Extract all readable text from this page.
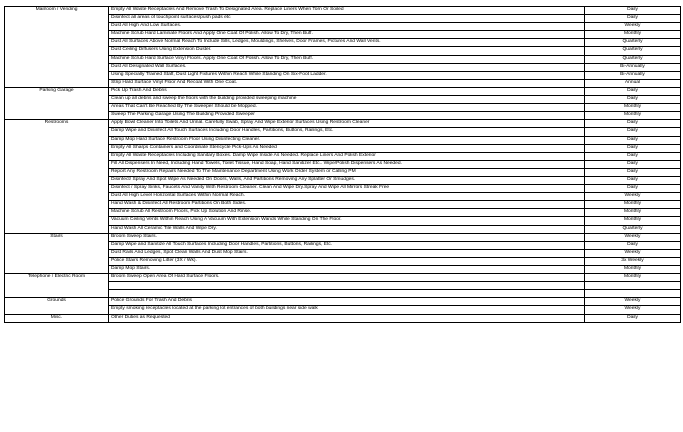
Mailroom / Vending	Empty All Waste Receptacles And Remove Trash To Designated Area. Replace Liners When Torn Or Soiled	Daily
	Disinfect all areas of touchpoint surfaces/push pads etc	Daily
	Dust All High And Low Surfaces.	Weekly
	Machine Scrub Hard Laminate Floors And Apply One Coat Of Polish. Allow To Dry, Then Buff.	Monthly
	Dust All Surfaces Above Normal Reach To Include Sills, Ledges, Mouldings, Shelves, Door Frames, Pictures And Wall Vents.	Quarterly
	Dust Ceiling Diffusers Using Extension Duster.	Quarterly
	Machine Scrub Hard Surface Vinyl Floors. Apply One Coat Of Polish. Allow To Dry, Then Buff.	Quarterly
	Dust All Designated Wall Surfaces.	Bi-Annually
	Using Specially Trained Staff, Dust Light Fixtures Within Reach While Standing On Six-Foot Ladder.	Bi-Annually
	Strip Hard Surface Vinyl Floor And Recoat With One Coat.	Annual
Parking Garage	Pick Up Trash And Debris	Daily
	Clean up all debris and sweep the floors with the building provided sweeping machine	Daily
	Areas That Can't Be Reached By The Sweeper Should be Mopped.	Monthly
	Sweep The Parking Garage Using The Building Provided Sweeper	Monthly
Restrooms	Apply Bowl Cleaner Into Toilets And Urinal. Carefully Swab, Spray And Wipe Exterior Surfaces Using Restroom Cleaner	Daily
	Damp Wipe and Disinfect All Touch Surfaces Including Door Handles, Partitions, Buttons, Railings, Etc.	Daily
	Damp Mop Hard Surface Restroom Floor Using Disinfecting Cleaner.	Daily
	Empty All Sharps Containers and Coordinate Stericycle Pick-Ups As Needed	Daily
	Empty All Waste Receptacles Including Sanitary Boxes. Damp Wipe Inside As Needed. Replace Liners And Polish Exterior	Daily
	Fill All Dispensers In Need, Including Hand Towels, Toilet Tissue, Hand Soap, Hand Sanitizer Etc.. Wipe/Polish Dispensers As Needed.	Daily
	Report Any Restroom Repairs Needed To The Maintenance Department Using Work Order System or Calling PM	Daily
	Disinfect/ Spray And Spot Wipe As Needed On Doors, Walls, And Partitions Removing Any Splatter Or Smudges.	Daily
	Disinfect / Spray Sinks, Faucets And Vanity With Restroom Cleaner. Clean And Wipe Dry.Spray And Wipe All Mirrors Streak Free	Daily
	Dust All High Level Horizontal Surfaces Within Normal Reach.	Weekly
	Hand Wash & Disinfect All Restroom Partitions On Both Sides.	Monthly
	Machine Scrub All Restroom Floors, Pick Up Solution And Rinse.	Monthly
	Vacuum Ceiling Vents Within Reach Using A Vacuum With Extension Wands While Standing On The Floor.	Monthly
	Hand Wash All Ceramic Tile Walls And Wipe Dry.	Quarterly
Stairs	Broom Sweep Stairs.	Weekly
	Damp Wipe and Sanitize All Touch Surfaces Including Door Handles, Partitions, Buttons, Railings, Etc.	Daily
	Dust Rails And Ledges, Spot Clean Walls And Dust Mop Stairs.	Weekly
	Police Stairs Removing Litter (3X / Wk).	3x Weekly
	Damp Mop Stairs.	Monthly
Telephone / Electric Room	Broom Sweep Open Area Of Hard Surface Floors.	Monthly

Grounds	Police Grounds For Trash And Debris	Weekly
	Empty smoking receptacles located at the parking lot entrances of both buildings near side walk	Weekly
Misc.	Other Duties as Requested	Daily
